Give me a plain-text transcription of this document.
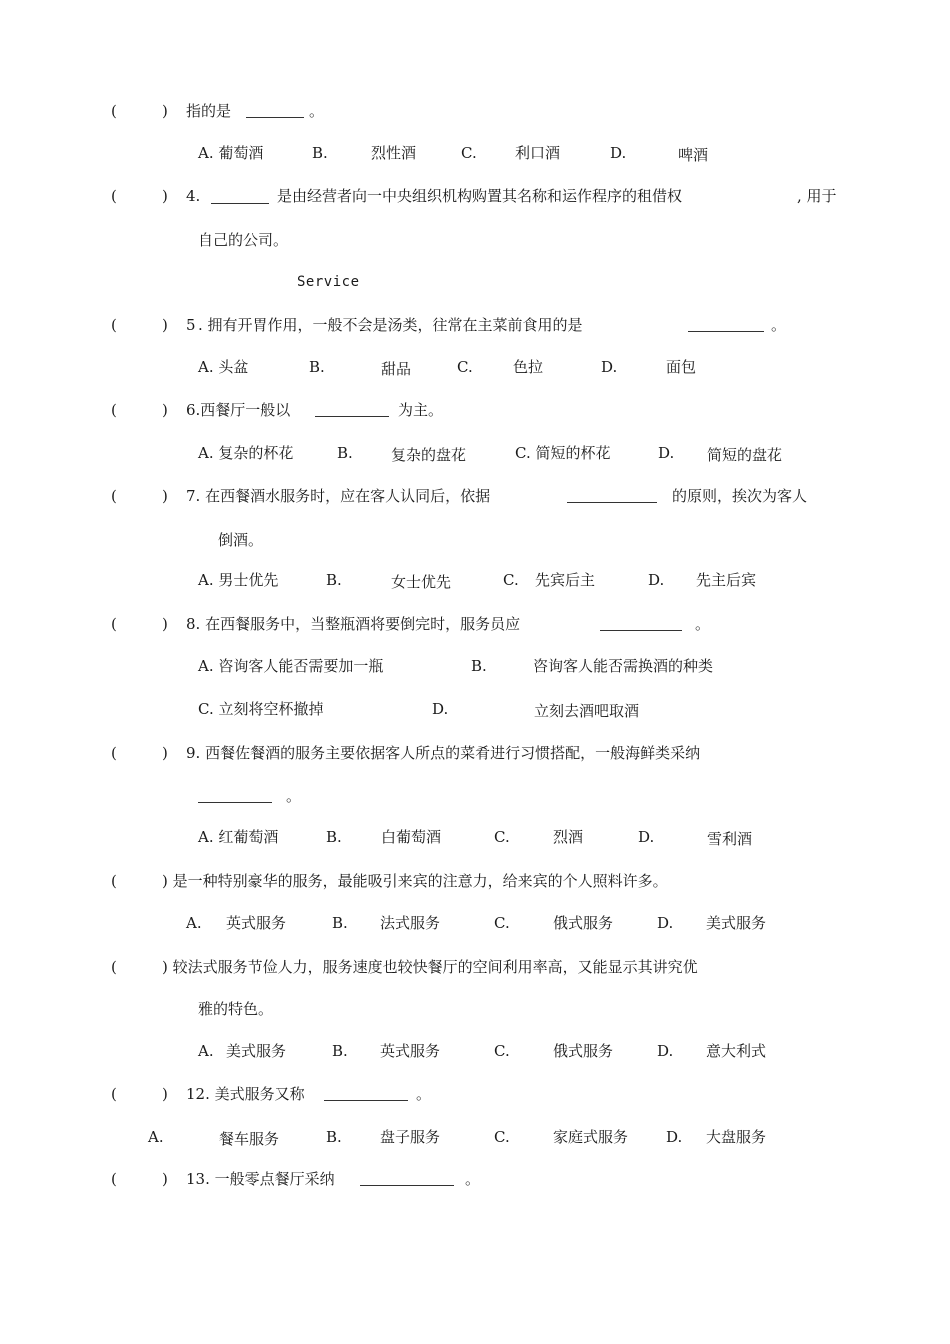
(	) 指的是	。
A. 葡萄酒	B.	烈性酒	C.	利口酒	D.	啤酒
(	) 4.	是由经营者向一中央组织机构购置其名称和运作程序的租借权	, 用于
自己的公司。
Service
(	) 5 . 拥有开胃作用，一般不会是汤类，往常在主菜前食用的是	。
A. 头盆	B.	甜品	C.	色拉	D.	面包
(	) 6.西餐厅一般以	为主。
A. 复杂的杯花	B.	复杂的盘花	C. 简短的杯花	D. 简短的盘花
(	) 7. 在西餐酒水服务时，应在客人认同后，依据	的原则，挨次为客人
倒酒。
A. 男士优先	B.	女士优先	C. 先宾后主	D. 先主后宾
(	) 8. 在西餐服务中，当整瓶酒将要倒完时，服务员应	。
A. 咨询客人能否需要加一瓶	B.	咨询客人能否需换酒的种类
C. 立刻将空杯撤掉	D.	立刻去酒吧取酒
(	) 9. 西餐佐餐酒的服务主要依据客人所点的菜肴进行习惯搭配，一般海鲜类采纳
。
A. 红葡萄酒	B.	白葡萄酒	C.	烈酒	D.	雪利酒
(	) 是一种特别豪华的服务，最能吸引来宾的注意力，给来宾的个人照料许多。
A. 英式服务	B. 法式服务	C.	俄式服务	D. 美式服务
(	) 较法式服务节俭人力，服务速度也较快餐厅的空间利用率高，又能显示其讲究优
雅的特色。
A. 美式服务	B. 英式服务	C.	俄式服务	D. 意大利式
(	) 12. 美式服务又称	。
A.	餐车服务	B.	盘子服务	C.	家庭式服务	D. 大盘服务
(	) 13. 一般零点餐厅采纳	。
